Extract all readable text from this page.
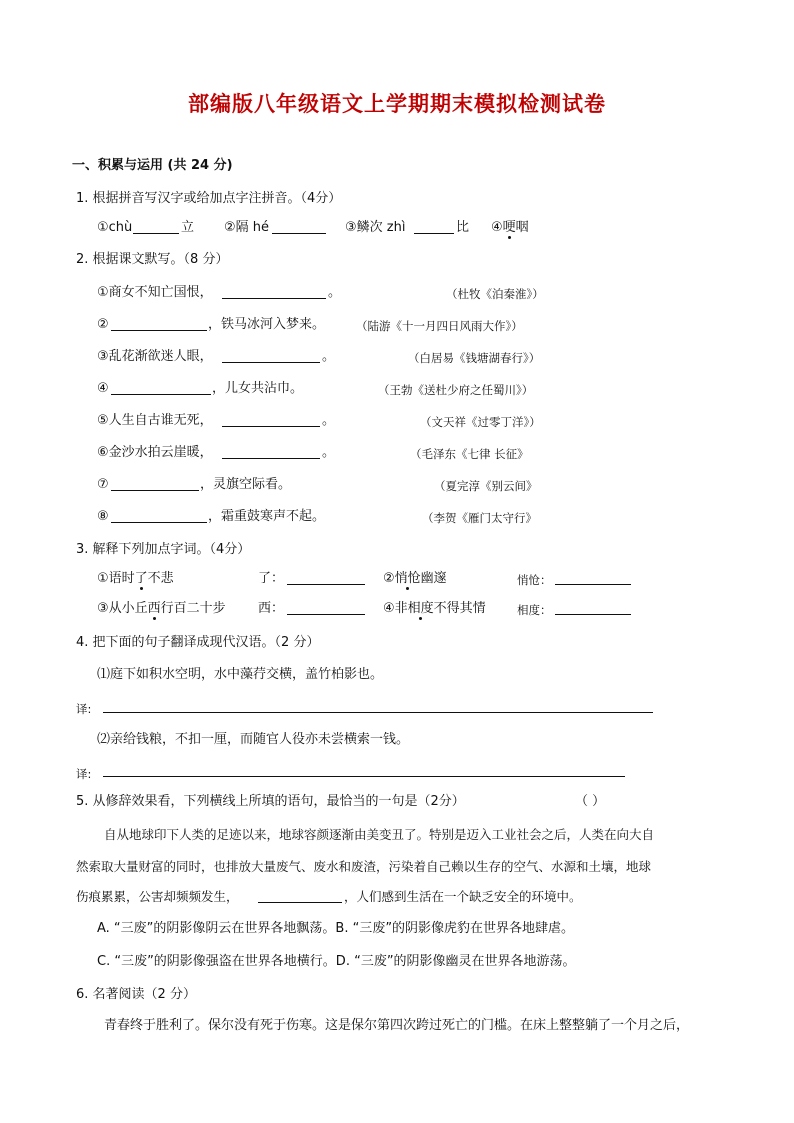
部编版八年级语文上学期期末模拟检测试卷
一、积累与运用 (共 24 分)
1. 根据拼音写汉字或给加点字注拼音。（4分）
①chù	立 ②隔 hé	③鳞次 zhì	比 ④哽咽
2. 根据课文默写。（8 分）
①商女不知亡国恨，	。	（杜牧《泊秦淮》）
②	，铁马冰河入梦来。	（陆游《十一月四日风雨大作》）
③乱花渐欲迷人眼，	。	（白居易《钱塘湖春行》）
④	，儿女共沾巾。	（王勃《送杜少府之任蜀川》）
⑤人生自古谁无死，	。	（文天祥《过零丁洋》）
⑥金沙水拍云崖暖，	。	（毛泽东《七律 长征》
⑦	，灵旗空际看。	（夏完淳《别云间》
⑧	，霜重鼓寒声不起。	（李贺《雁门太守行》
3. 解释下列加点字词。（4分）
①语时了不悲	了：	②悄怆幽邃	悄怆：
③从小丘西行百二十步 西：	④非相度不得其情	相度：
4. 把下面的句子翻译成现代汉语。（2 分）
⑴庭下如积水空明，水中藻荇交横，盖竹柏影也。
译:
⑵亲给钱粮，不扣一厘，而随官人役亦未尝横索一钱。
译:
5. 从修辞效果看，下列横线上所填的语句，最恰当的一句是（2分）	（ ）
自从地球印下人类的足迹以来，地球容颜逐渐由美变丑了。特别是迈入工业社会之后，人类在向大自
然索取大量财富的同时，也排放大量废气、废水和废渣，污染着自己赖以生存的空气、水源和土壤，地球
伤痕累累，公害却频频发生，	，人们感到生活在一个缺乏安全的环境中。
A. “三废”的阴影像阴云在世界各地飘荡。B. “三废”的阴影像虎豹在世界各地肆虐。
C. “三废”的阴影像强盗在世界各地横行。D. “三废”的阴影像幽灵在世界各地游荡。
6. 名著阅读（2 分）
青春终于胜利了。保尔没有死于伤寒。这是保尔第四次跨过死亡的门槛。在床上整整躺了一个月之后，
